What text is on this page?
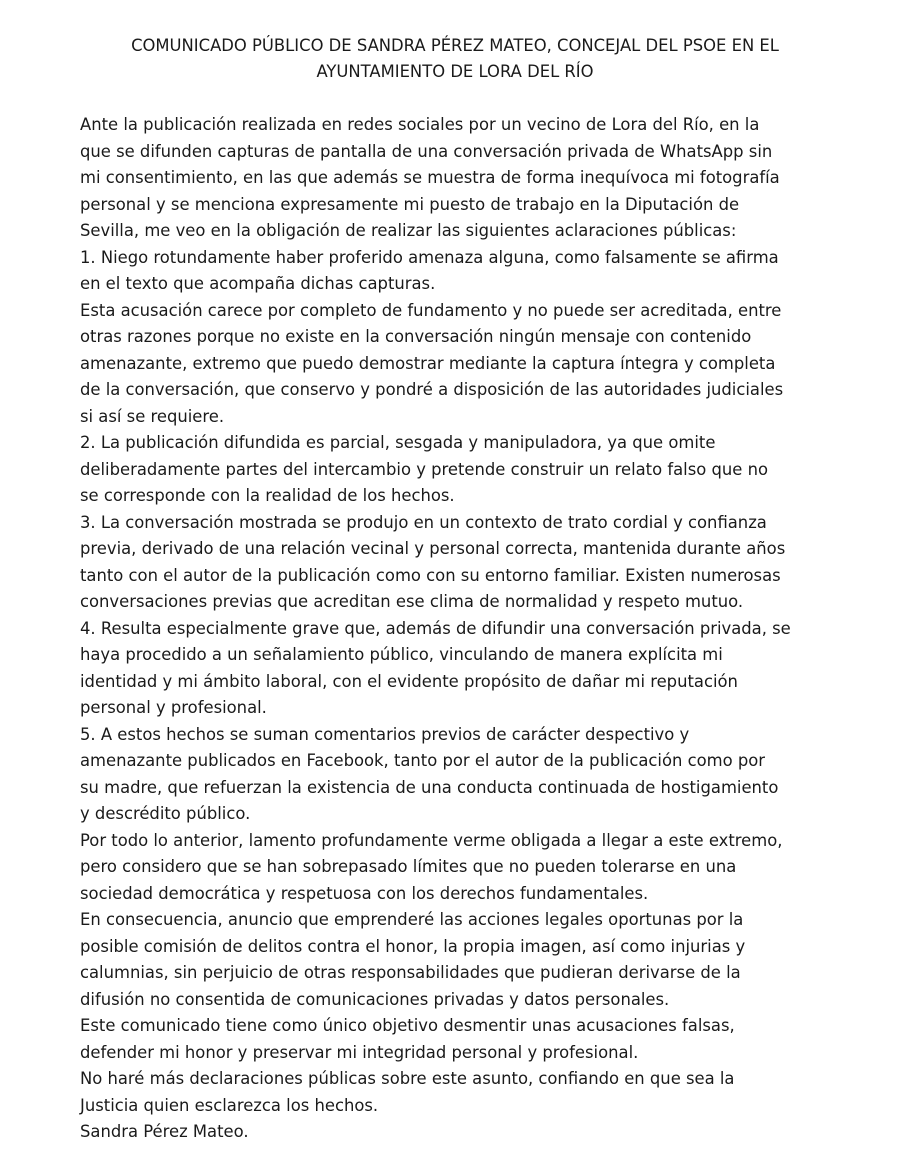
COMUNICADO PÚBLICO DE SANDRA PÉREZ MATEO, CONCEJAL DEL PSOE EN EL
AYUNTAMIENTO DE LORA DEL RÍO

Ante la publicación realizada en redes sociales por un vecino de Lora del Río, en la

que se difunden capturas de pantalla de una conversación privada de WhatsApp sin

mi consentimiento, en las que además se muestra de forma inequívoca mi fotografía

personal y se menciona expresamente mi puesto de trabajo en la Diputación de

Sevilla, me veo en la obligación de realizar las siguientes aclaraciones públicas:

1. Niego rotundamente haber proferido amenaza alguna, como falsamente se afirma

en el texto que acompaña dichas capturas.

Esta acusación carece por completo de fundamento y no puede ser acreditada, entre

otras razones porque no existe en la conversación ningún mensaje con contenido

amenazante, extremo que puedo demostrar mediante la captura íntegra y completa

de la conversación, que conservo y pondré a disposición de las autoridades judiciales

si así se requiere.

2. La publicación difundida es parcial, sesgada y manipuladora, ya que omite

deliberadamente partes del intercambio y pretende construir un relato falso que no

se corresponde con la realidad de los hechos.

3. La conversación mostrada se produjo en un contexto de trato cordial y confianza

previa, derivado de una relación vecinal y personal correcta, mantenida durante años

tanto con el autor de la publicación como con su entorno familiar. Existen numerosas

conversaciones previas que acreditan ese clima de normalidad y respeto mutuo.

4. Resulta especialmente grave que, además de difundir una conversación privada, se

haya procedido a un señalamiento público, vinculando de manera explícita mi

identidad y mi ámbito laboral, con el evidente propósito de dañar mi reputación

personal y profesional.

5. A estos hechos se suman comentarios previos de carácter despectivo y

amenazante publicados en Facebook, tanto por el autor de la publicación como por

su madre, que refuerzan la existencia de una conducta continuada de hostigamiento

y descrédito público.

Por todo lo anterior, lamento profundamente verme obligada a llegar a este extremo,

pero considero que se han sobrepasado límites que no pueden tolerarse en una

sociedad democrática y respetuosa con los derechos fundamentales.

En consecuencia, anuncio que emprenderé las acciones legales oportunas por la

posible comisión de delitos contra el honor, la propia imagen, así como injurias y

calumnias, sin perjuicio de otras responsabilidades que pudieran derivarse de la

difusión no consentida de comunicaciones privadas y datos personales.

Este comunicado tiene como único objetivo desmentir unas acusaciones falsas,

defender mi honor y preservar mi integridad personal y profesional.

No haré más declaraciones públicas sobre este asunto, confiando en que sea la

Justicia quien esclarezca los hechos.

Sandra Pérez Mateo.
